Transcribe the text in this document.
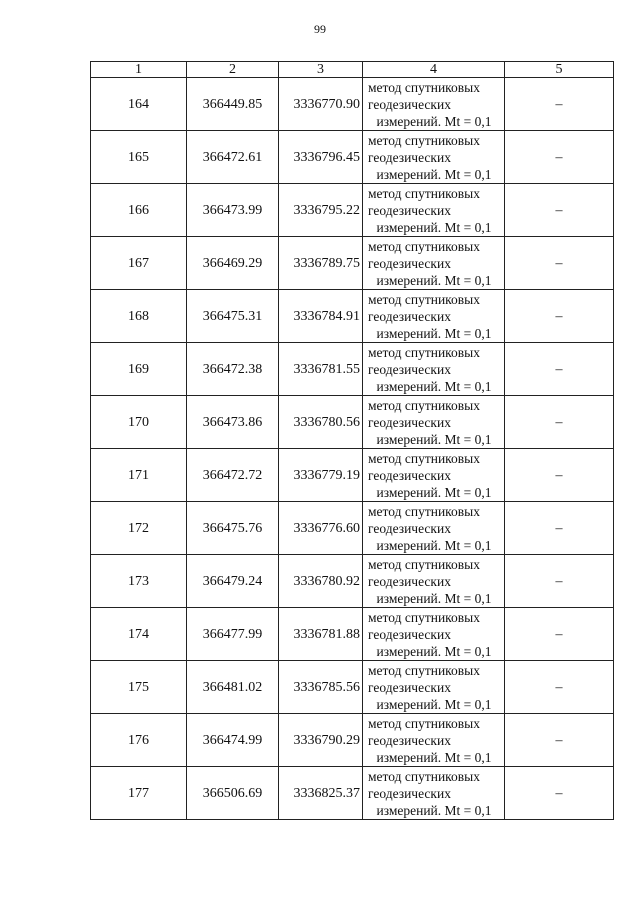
99
1	2	3	4	5
164	366449.85	3336770.90	метод спутниковых
геодезических
измерений. Mt = 0,1	–
165	366472.61	3336796.45	метод спутниковых
геодезических
измерений. Mt = 0,1	–
166	366473.99	3336795.22	метод спутниковых
геодезических
измерений. Mt = 0,1	–
167	366469.29	3336789.75	метод спутниковых
геодезических
измерений. Mt = 0,1	–
168	366475.31	3336784.91	метод спутниковых
геодезических
измерений. Mt = 0,1	–
169	366472.38	3336781.55	метод спутниковых
геодезических
измерений. Mt = 0,1	–
170	366473.86	3336780.56	метод спутниковых
геодезических
измерений. Mt = 0,1	–
171	366472.72	3336779.19	метод спутниковых
геодезических
измерений. Mt = 0,1	–
172	366475.76	3336776.60	метод спутниковых
геодезических
измерений. Mt = 0,1	–
173	366479.24	3336780.92	метод спутниковых
геодезических
измерений. Mt = 0,1	–
174	366477.99	3336781.88	метод спутниковых
геодезических
измерений. Mt = 0,1	–
175	366481.02	3336785.56	метод спутниковых
геодезических
измерений. Mt = 0,1	–
176	366474.99	3336790.29	метод спутниковых
геодезических
измерений. Mt = 0,1	–
177	366506.69	3336825.37	метод спутниковых
геодезических
измерений. Mt = 0,1	–
